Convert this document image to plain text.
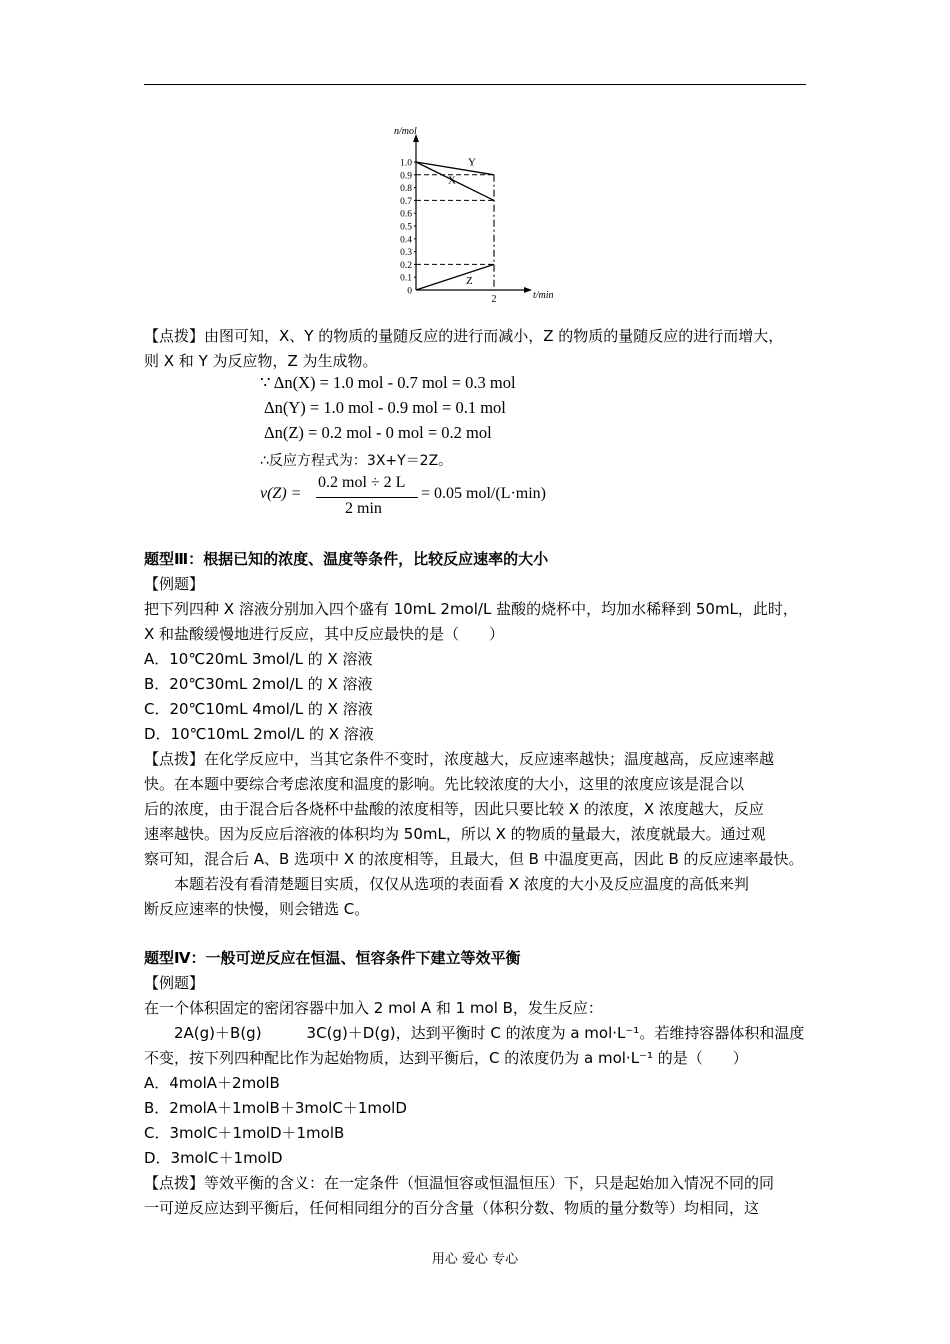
n/mol
t/min
1.0
0.9
0.8
0.7
0.6
0.5
0.4
0.3
0.2
0.1
0
2
Y
X
Z

【点拨】由图可知，X、Y 的物质的量随反应的进行而减小，Z 的物质的量随反应的进行而增大，

则 X 和 Y 为反应物，Z 为生成物。

∵ Δn(X) = 1.0 mol - 0.7 mol = 0.3 mol
Δn(Y) = 1.0 mol - 0.9 mol = 0.1 mol
Δn(Z) = 0.2 mol - 0 mol = 0.2 mol
∴反应方程式为：3X+Y＝2Z。
v(Z) =
0.2 mol ÷ 2 L
2 min
= 0.05 mol/(L·min)

题型Ⅲ：根据已知的浓度、温度等条件，比较反应速率的大小

【例题】

把下列四种 X 溶液分别加入四个盛有 10mL 2mol/L 盐酸的烧杯中，均加水稀释到 50mL，此时，

X 和盐酸缓慢地进行反应，其中反应最快的是（　　）

A．10℃20mL 3mol/L 的 X 溶液

B．20℃30mL 2mol/L 的 X 溶液

C．20℃10mL 4mol/L 的 X 溶液

D．10℃10mL 2mol/L 的 X 溶液

【点拨】在化学反应中，当其它条件不变时，浓度越大，反应速率越快；温度越高，反应速率越

快。在本题中要综合考虑浓度和温度的影响。先比较浓度的大小，这里的浓度应该是混合以

后的浓度，由于混合后各烧杯中盐酸的浓度相等，因此只要比较 X 的浓度，X 浓度越大，反应

速率越快。因为反应后溶液的体积均为 50mL，所以 X 的物质的量最大，浓度就最大。通过观

察可知，混合后 A、B 选项中 X 的浓度相等，且最大，但 B 中温度更高，因此 B 的反应速率最快。

　　本题若没有看清楚题目实质，仅仅从选项的表面看 X 浓度的大小及反应温度的高低来判

断反应速率的快慢，则会错选 C。

题型Ⅳ：一般可逆反应在恒温、恒容条件下建立等效平衡

【例题】

在一个体积固定的密闭容器中加入 2 mol A 和 1 mol B，发生反应：

　　2A(g)＋B(g)　　　3C(g)＋D(g)，达到平衡时 C 的浓度为 a mol·L⁻¹。若维持容器体积和温度

不变，按下列四种配比作为起始物质，达到平衡后，C 的浓度仍为 a mol·L⁻¹ 的是（　　）

A．4molA＋2molB

B．2molA＋1molB＋3molC＋1molD

C．3molC＋1molD＋1molB

D．3molC＋1molD

【点拨】等效平衡的含义：在一定条件（恒温恒容或恒温恒压）下，只是起始加入情况不同的同

一可逆反应达到平衡后，任何相同组分的百分含量（体积分数、物质的量分数等）均相同，这

用心 爱心 专心
